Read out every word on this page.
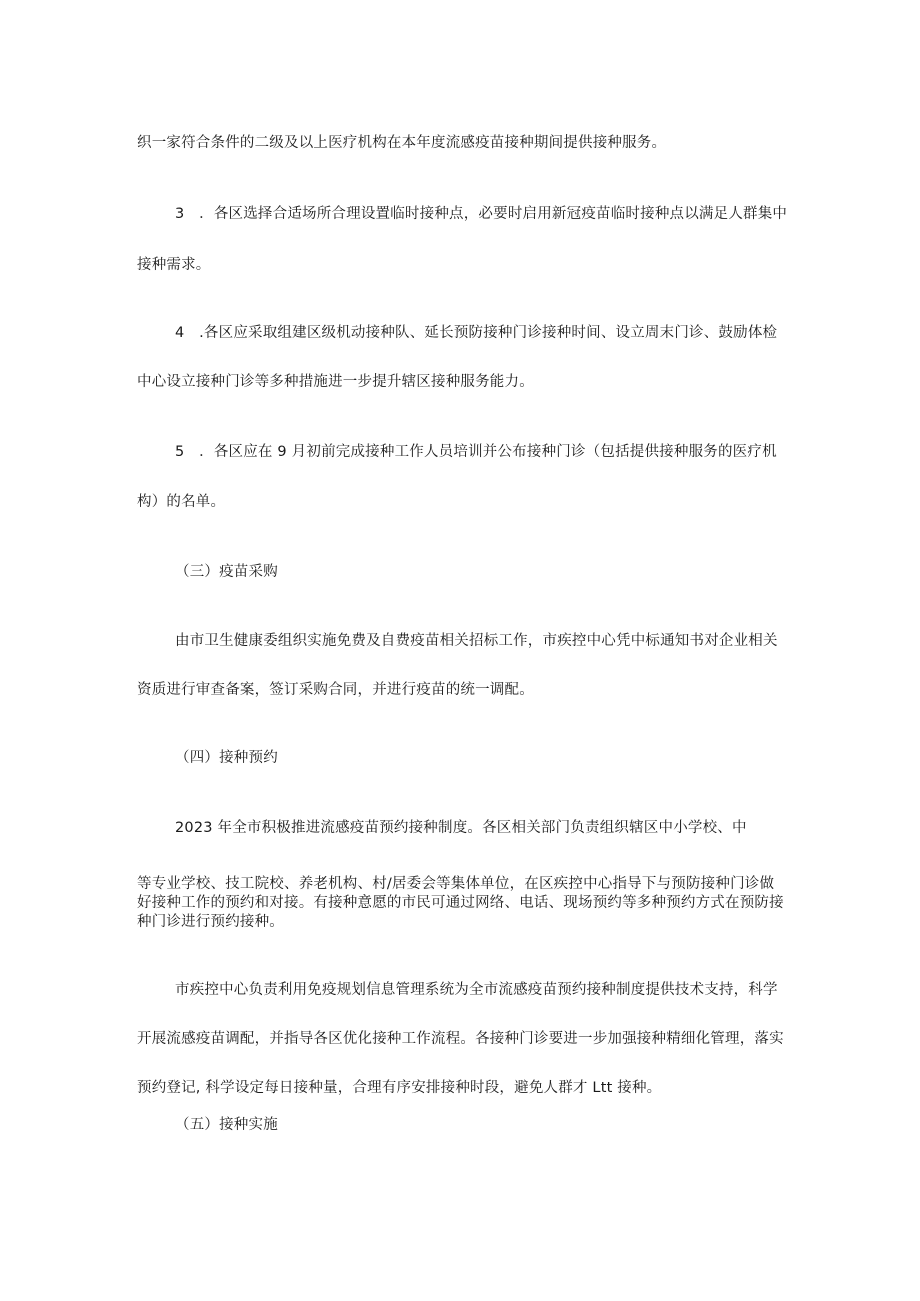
织一家符合条件的二级及以上医疗机构在本年度流感疫苗接种期间提供接种服务。

3　．各区选择合适场所合理设置临时接种点，必要时启用新冠疫苗临时接种点以满足人群集中

接种需求。

4　.各区应采取组建区级机动接种队、延长预防接种门诊接种时间、设立周末门诊、鼓励体检

中心设立接种门诊等多种措施进一步提升辖区接种服务能力。

5　．各区应在 9 月初前完成接种工作人员培训并公布接种门诊（包括提供接种服务的医疗机

构）的名单。

（三）疫苗采购

由市卫生健康委组织实施免费及自费疫苗相关招标工作，市疾控中心凭中标通知书对企业相关

资质进行审查备案，签订采购合同，并进行疫苗的统一调配。

（四）接种预约

2023 年全市积极推进流感疫苗预约接种制度。各区相关部门负责组织辖区中小学校、中

等专业学校、技工院校、养老机构、村/居委会等集体单位，在区疾控中心指导下与预防接种门诊做

好接种工作的预约和对接。有接种意愿的市民可通过网络、电话、现场预约等多种预约方式在预防接

种门诊进行预约接种。

市疾控中心负责利用免疫规划信息管理系统为全市流感疫苗预约接种制度提供技术支持，科学

开展流感疫苗调配，并指导各区优化接种工作流程。各接种门诊要进一步加强接种精细化管理，落实

预约登记, 科学设定每日接种量，合理有序安排接种时段，避免人群才 Ltt 接种。

（五）接种实施
